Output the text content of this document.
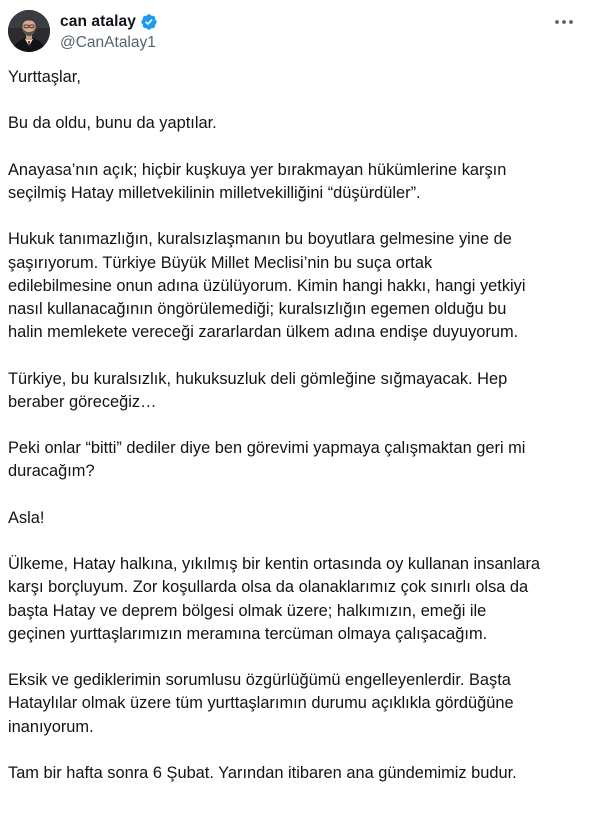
can atalay
@CanAtalay1

Yurttaşlar,

Bu da oldu, bunu da yaptılar.

Anayasa’nın açık; hiçbir kuşkuya yer bırakmayan hükümlerine karşın
seçilmiş Hatay milletvekilinin milletvekilliğini “düşürdüler”.

Hukuk tanımazlığın, kuralsızlaşmanın bu boyutlara gelmesine yine de
şaşırıyorum. Türkiye Büyük Millet Meclisi’nin bu suça ortak
edilebilmesine onun adına üzülüyorum. Kimin hangi hakkı, hangi yetkiyi
nasıl kullanacağının öngörülemediği; kuralsızlığın egemen olduğu bu
halin memlekete vereceği zararlardan ülkem adına endişe duyuyorum.

Türkiye, bu kuralsızlık, hukuksuzluk deli gömleğine sığmayacak. Hep
beraber göreceğiz…

Peki onlar “bitti” dediler diye ben görevimi yapmaya çalışmaktan geri mi
duracağım?

Asla!

Ülkeme, Hatay halkına, yıkılmış bir kentin ortasında oy kullanan insanlara
karşı borçluyum. Zor koşullarda olsa da olanaklarımız çok sınırlı olsa da
başta Hatay ve deprem bölgesi olmak üzere; halkımızın, emeği ile
geçinen yurttaşlarımızın meramına tercüman olmaya çalışacağım.

Eksik ve gediklerimin sorumlusu özgürlüğümü engelleyenlerdir. Başta
Hataylılar olmak üzere tüm yurttaşlarımın durumu açıklıkla gördüğüne
inanıyorum.

Tam bir hafta sonra 6 Şubat. Yarından itibaren ana gündemimiz budur.
